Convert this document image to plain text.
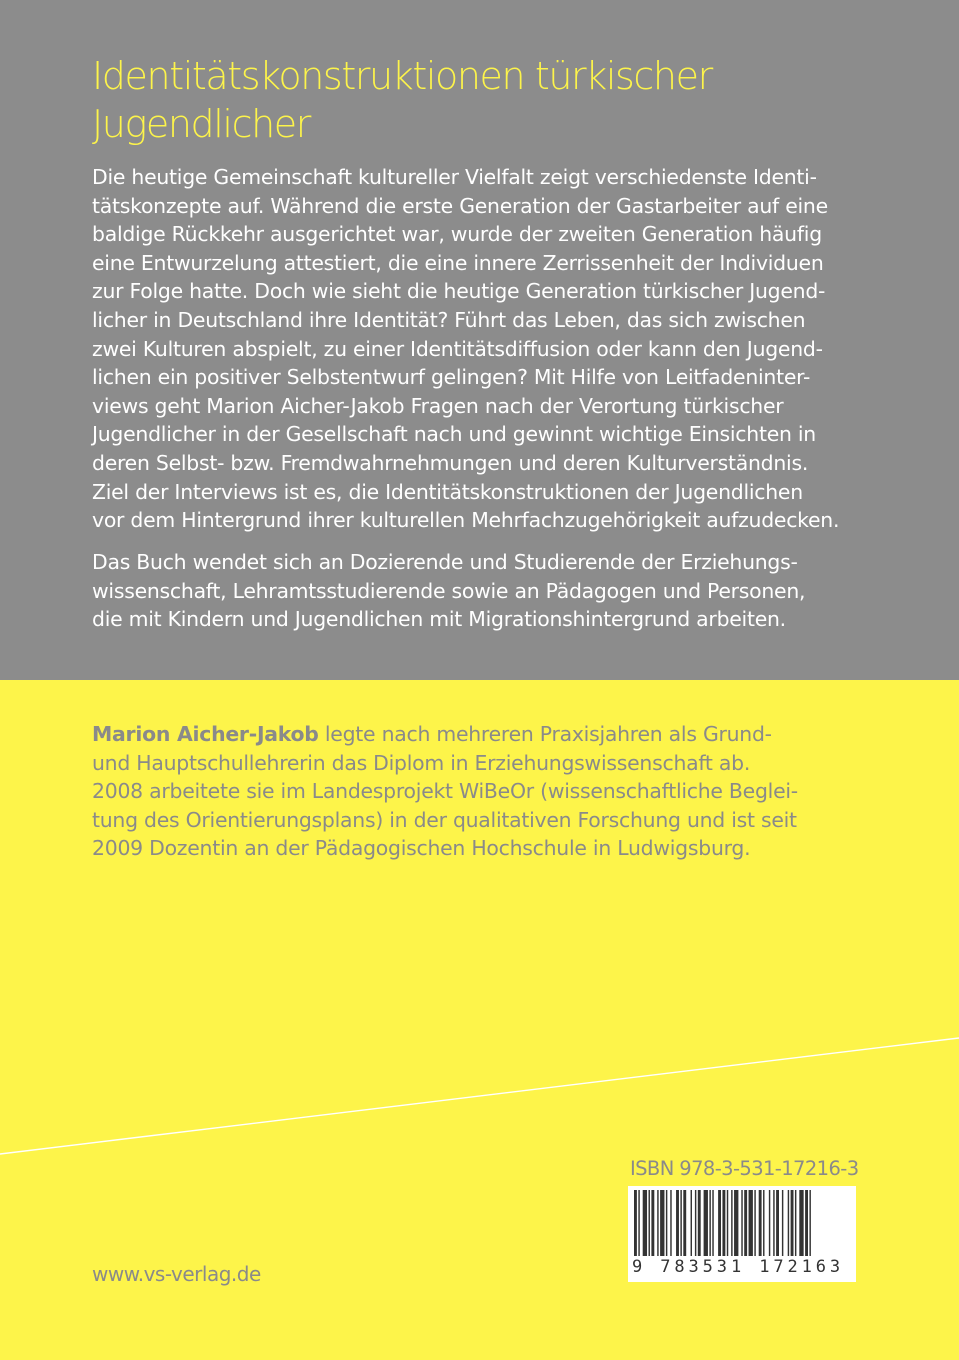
Identitätskonstruktionen türkischer
Jugendlicher
Die heutige Gemeinschaft kultureller Vielfalt zeigt verschiedenste Identi-
tätskonzepte auf. Während die erste Generation der Gastarbeiter auf eine
baldige Rückkehr ausgerichtet war, wurde der zweiten Generation häufig
eine Entwurzelung attestiert, die eine innere Zerrissenheit der Individuen
zur Folge hatte. Doch wie sieht die heutige Generation türkischer Jugend-
licher in Deutschland ihre Identität? Führt das Leben, das sich zwischen
zwei Kulturen abspielt, zu einer Identitätsdiffusion oder kann den Jugend-
lichen ein positiver Selbstentwurf gelingen? Mit Hilfe von Leitfadeninter-
views geht Marion Aicher-Jakob Fragen nach der Verortung türkischer
Jugendlicher in der Gesellschaft nach und gewinnt wichtige Einsichten in
deren Selbst- bzw. Fremdwahrnehmungen und deren Kulturverständnis.
Ziel der Interviews ist es, die Identitätskonstruktionen der Jugendlichen
vor dem Hintergrund ihrer kulturellen Mehrfachzugehörigkeit aufzudecken.
Das Buch wendet sich an Dozierende und Studierende der Erziehungs-
wissenschaft, Lehramtsstudierende sowie an Pädagogen und Personen,
die mit Kindern und Jugendlichen mit Migrationshintergrund arbeiten.
Marion Aicher-Jakob legte nach mehreren Praxisjahren als Grund-
und Hauptschullehrerin das Diplom in Erziehungswissenschaft ab.
2008 arbeitete sie im Landesprojekt WiBeOr (wissenschaftliche Beglei-
tung des Orientierungsplans) in der qualitativen Forschung und ist seit
2009 Dozentin an der Pädagogischen Hochschule in Ludwigsburg.
ISBN 978-3-531-17216-3
9 783531 172163
www.vs-verlag.de
